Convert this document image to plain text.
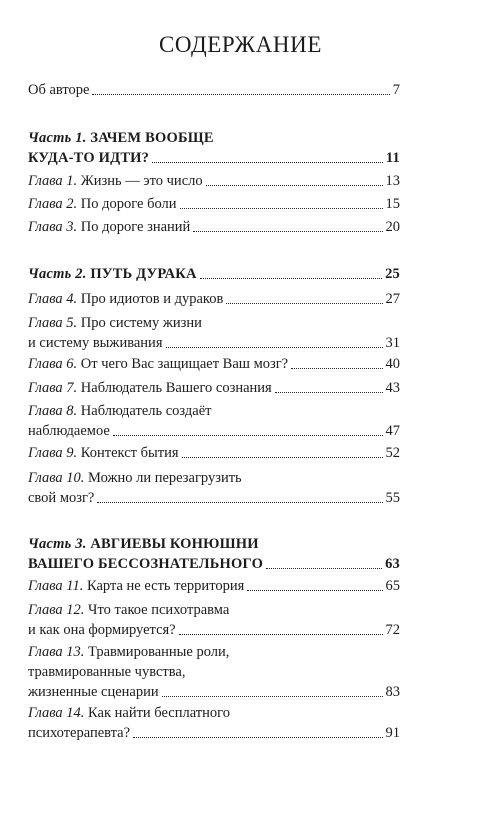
СОДЕРЖАНИЕ
Об авторе	7
Часть 1. ЗАЧЕМ ВООБЩЕ
КУДА-ТО ИДТИ?	11
Глава 1. Жизнь — это число	13
Глава 2. По дороге боли	15
Глава 3. По дороге знаний	20
Часть 2. ПУТЬ ДУРАКА	25
Глава 4. Про идиотов и дураков	27
Глава 5. Про систему жизни
и систему выживания	31
Глава 6. От чего Вас защищает Ваш мозг?	40
Глава 7. Наблюдатель Вашего сознания	43
Глава 8. Наблюдатель создаёт
наблюдаемое	47
Глава 9. Контекст бытия	52
Глава 10. Можно ли перезагрузить
свой мозг?	55
Часть 3. АВГИЕВЫ КОНЮШНИ
ВАШЕГО БЕССОЗНАТЕЛЬНОГО	63
Глава 11. Карта не есть территория	65
Глава 12. Что такое психотравма
и как она формируется?	72
Глава 13. Травмированные роли,
травмированные чувства,
жизненные сценарии	83
Глава 14. Как найти бесплатного
психотерапевта?	91
